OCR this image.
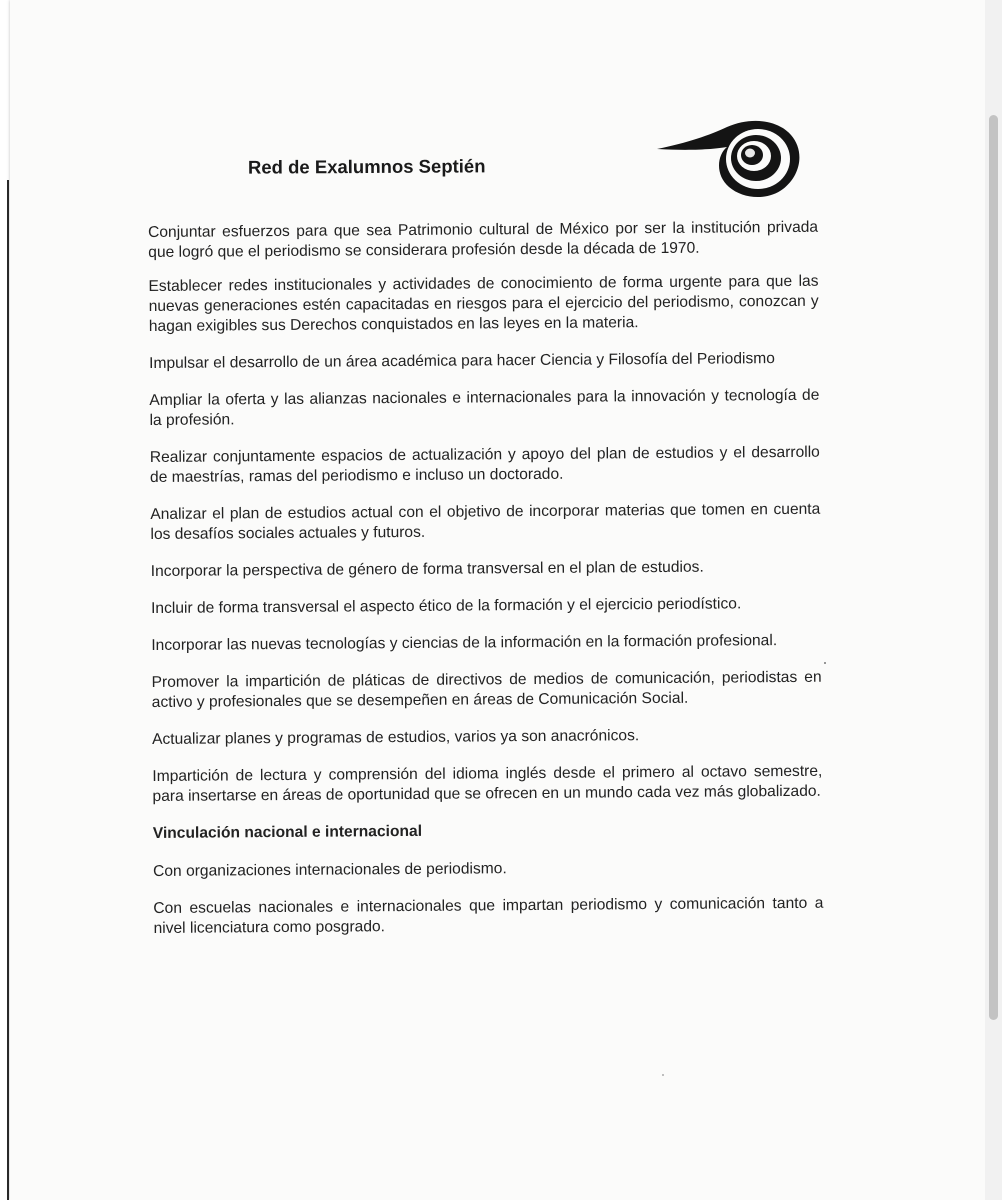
Red de Exalumnos Septién

Conjuntar esfuerzos para que sea Patrimonio cultural de México por ser la institución privada que logró que el periodismo se considerara profesión desde la década de 1970.

Establecer redes institucionales y actividades de conocimiento de forma urgente para que las nuevas generaciones estén capacitadas en riesgos para el ejercicio del periodismo, conozcan y hagan exigibles sus Derechos conquistados en las leyes en la materia.

Impulsar el desarrollo de un área académica para hacer Ciencia y Filosofía del Periodismo

Ampliar la oferta y las alianzas nacionales e internacionales para la innovación y tecnología de la profesión.

Realizar conjuntamente espacios de actualización y apoyo del plan de estudios y el desarrollo de maestrías, ramas del periodismo e incluso un doctorado.

Analizar el plan de estudios actual con el objetivo de incorporar materias que tomen en cuenta los desafíos sociales actuales y futuros.

Incorporar la perspectiva de género de forma transversal en el plan de estudios.

Incluir de forma transversal el aspecto ético de la formación y el ejercicio periodístico.

Incorporar las nuevas tecnologías y ciencias de la información en la formación profesional.

Promover la impartición de pláticas de directivos de medios de comunicación, periodistas en activo y profesionales que se desempeñen en áreas de Comunicación Social.

Actualizar planes y programas de estudios, varios ya son anacrónicos.

Impartición de lectura y comprensión del idioma inglés desde el primero al octavo semestre, para insertarse en áreas de oportunidad que se ofrecen en un mundo cada vez más globalizado.

Vinculación nacional e internacional

Con organizaciones internacionales de periodismo.

Con escuelas nacionales e internacionales que impartan periodismo y comunicación tanto a nivel licenciatura como posgrado.
